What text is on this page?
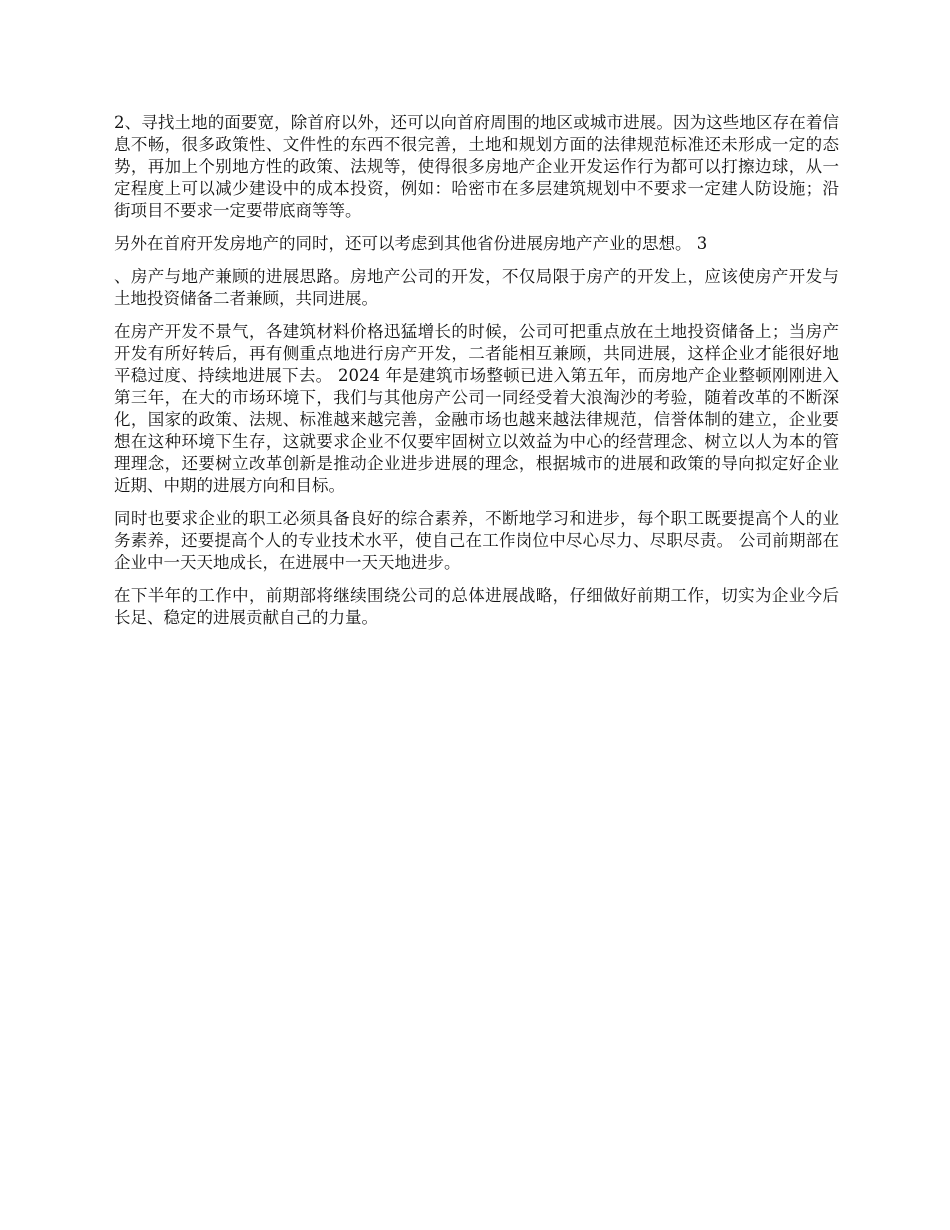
2、寻找土地的面要宽，除首府以外，还可以向首府周围的地区或城市进展。因为这些地区存在着信息不畅，很多政策性、文件性的东西不很完善，土地和规划方面的法律规范标准还未形成一定的态势，再加上个别地方性的政策、法规等，使得很多房地产企业开发运作行为都可以打擦边球，从一定程度上可以减少建设中的成本投资，例如：哈密市在多层建筑规划中不要求一定建人防设施；沿街项目不要求一定要带底商等等。

另外在首府开发房地产的同时，还可以考虑到其他省份进展房地产产业的思想。 3

、房产与地产兼顾的进展思路。房地产公司的开发，不仅局限于房产的开发上，应该使房产开发与土地投资储备二者兼顾，共同进展。

在房产开发不景气，各建筑材料价格迅猛增长的时候，公司可把重点放在土地投资储备上；当房产开发有所好转后，再有侧重点地进行房产开发，二者能相互兼顾，共同进展，这样企业才能很好地平稳过度、持续地进展下去。 2024 年是建筑市场整顿已进入第五年，而房地产企业整顿刚刚进入第三年，在大的市场环境下，我们与其他房产公司一同经受着大浪淘沙的考验，随着改革的不断深化，国家的政策、法规、标准越来越完善，金融市场也越来越法律规范，信誉体制的建立，企业要想在这种环境下生存，这就要求企业不仅要牢固树立以效益为中心的经营理念、树立以人为本的管理理念，还要树立改革创新是推动企业进步进展的理念，根据城市的进展和政策的导向拟定好企业近期、中期的进展方向和目标。

同时也要求企业的职工必须具备良好的综合素养，不断地学习和进步，每个职工既要提高个人的业务素养，还要提高个人的专业技术水平，使自己在工作岗位中尽心尽力、尽职尽责。 公司前期部在企业中一天天地成长，在进展中一天天地进步。

在下半年的工作中，前期部将继续围绕公司的总体进展战略，仔细做好前期工作，切实为企业今后长足、稳定的进展贡献自己的力量。
